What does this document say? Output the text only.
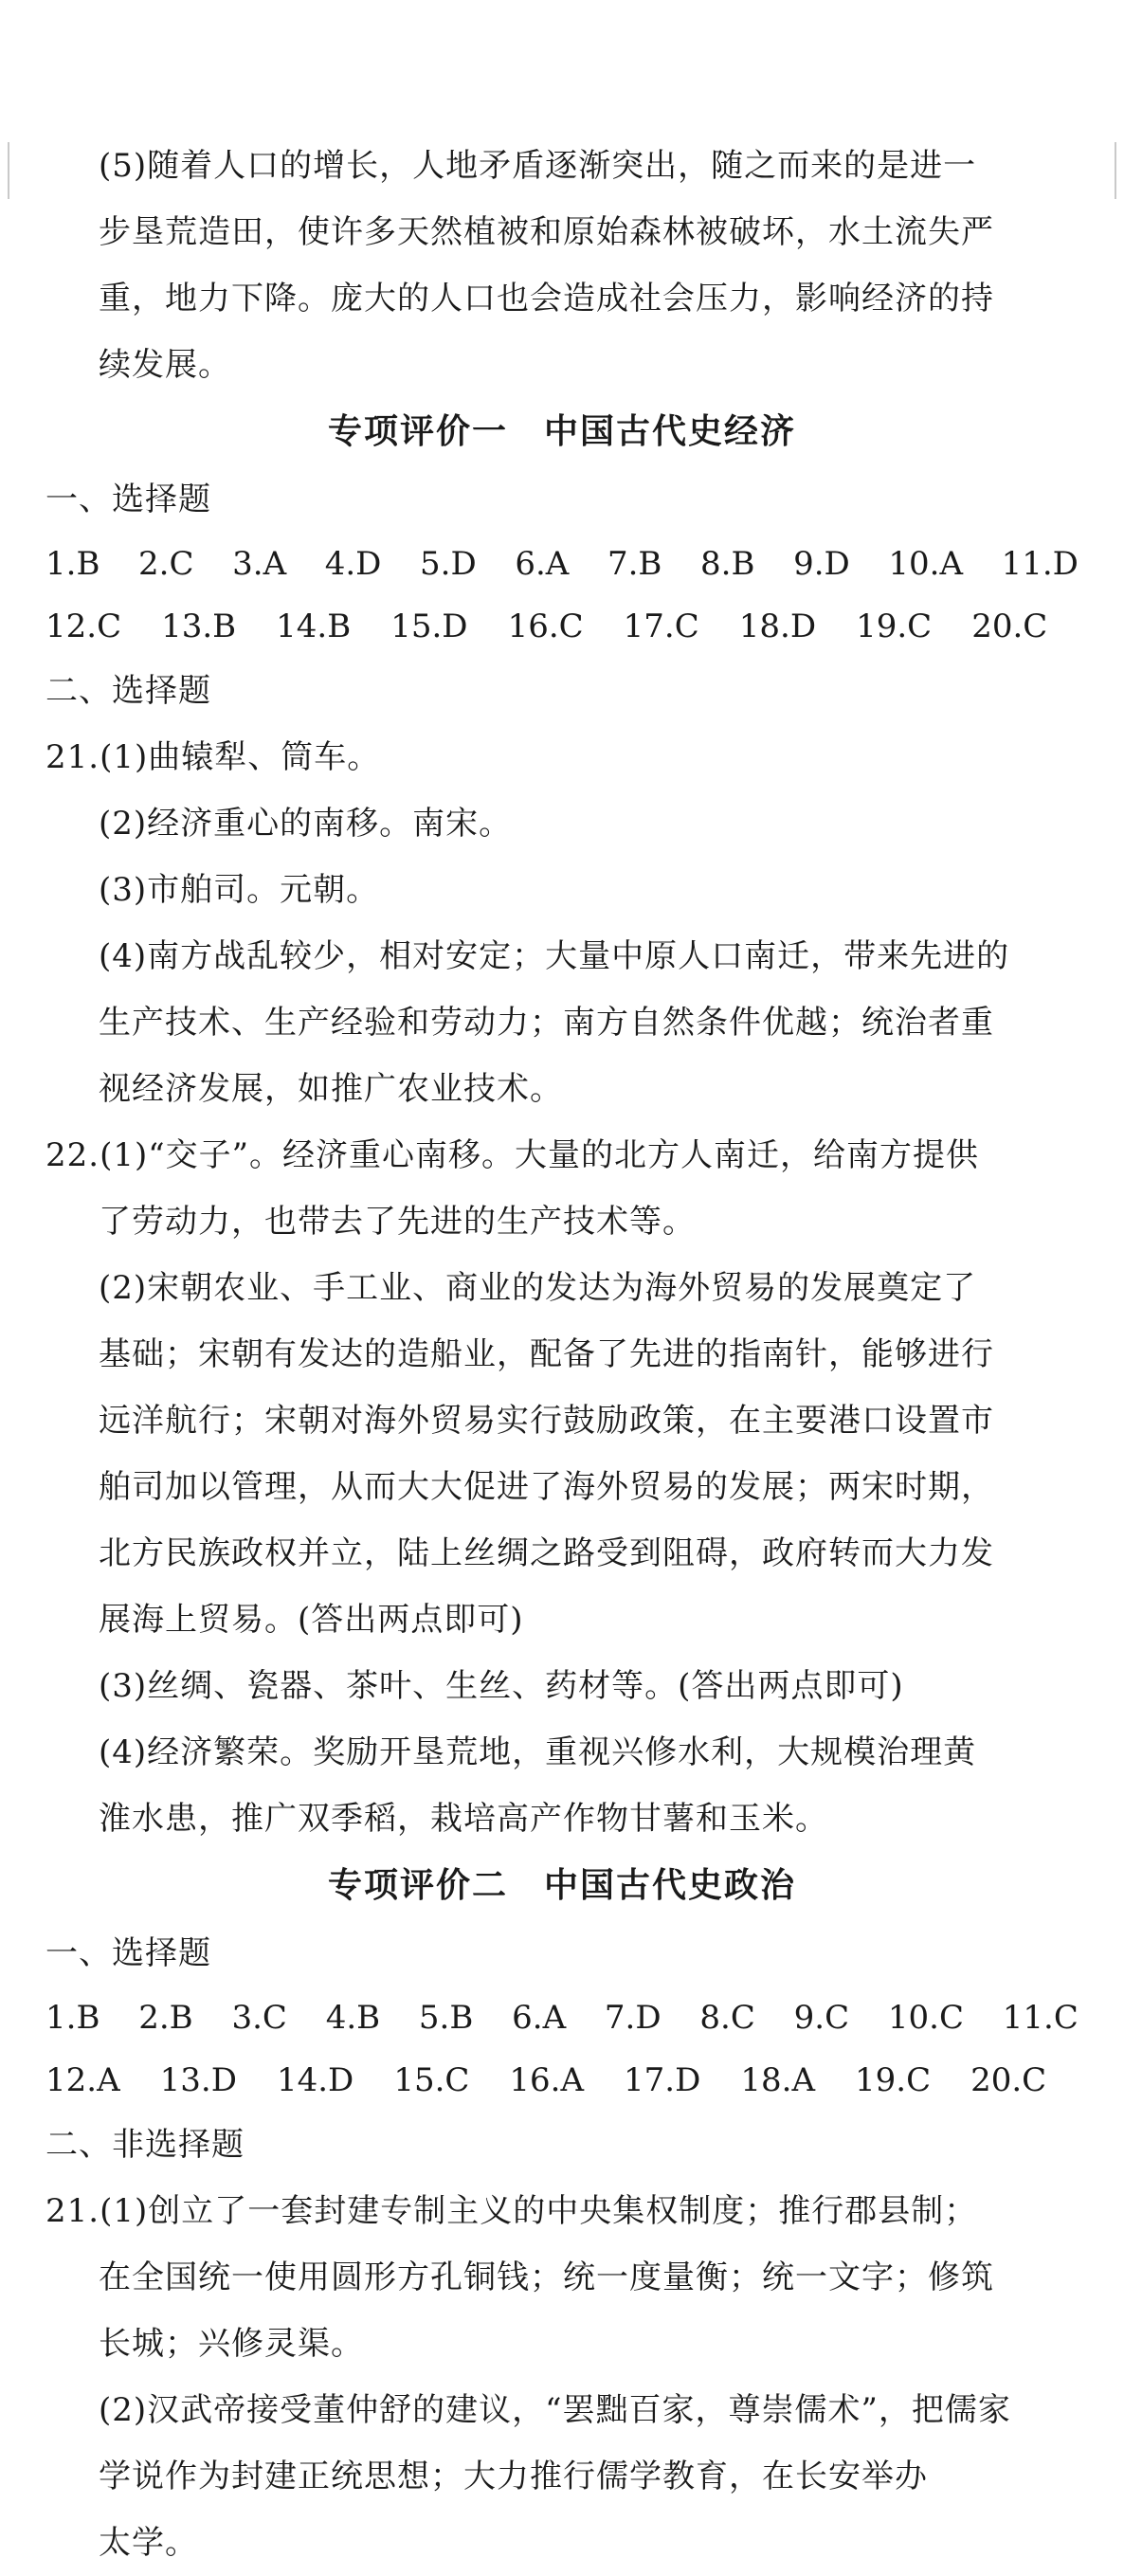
(5)随着人口的增长，人地矛盾逐渐突出，随之而来的是进一

步垦荒造田，使许多天然植被和原始森林被破坏，水土流失严

重，地力下降。庞大的人口也会造成社会压力，影响经济的持

续发展。

专项评价一　中国古代史经济

一、选择题

1.B 2.C 3.A 4.D 5.D 6.A 7.B 8.B 9.D 10.A 11.D
12.C 13.B 14.B 15.D 16.C 17.C 18.D 19.C 20.C

二、选择题

21.(1)曲辕犁、筒车。

(2)经济重心的南移。南宋。

(3)市舶司。元朝。

(4)南方战乱较少，相对安定；大量中原人口南迁，带来先进的

生产技术、生产经验和劳动力；南方自然条件优越；统治者重

视经济发展，如推广农业技术。

22.(1)“交子”。经济重心南移。大量的北方人南迁，给南方提供

了劳动力，也带去了先进的生产技术等。

(2)宋朝农业、手工业、商业的发达为海外贸易的发展奠定了

基础；宋朝有发达的造船业，配备了先进的指南针，能够进行

远洋航行；宋朝对海外贸易实行鼓励政策，在主要港口设置市

舶司加以管理，从而大大促进了海外贸易的发展；两宋时期，

北方民族政权并立，陆上丝绸之路受到阻碍，政府转而大力发

展海上贸易。(答出两点即可)

(3)丝绸、瓷器、茶叶、生丝、药材等。(答出两点即可)

(4)经济繁荣。奖励开垦荒地，重视兴修水利，大规模治理黄

淮水患，推广双季稻，栽培高产作物甘薯和玉米。

专项评价二　中国古代史政治

一、选择题

1.B 2.B 3.C 4.B 5.B 6.A 7.D 8.C 9.C 10.C 11.C
12.A 13.D 14.D 15.C 16.A 17.D 18.A 19.C 20.C

二、非选择题

21.(1)创立了一套封建专制主义的中央集权制度；推行郡县制；

在全国统一使用圆形方孔铜钱；统一度量衡；统一文字；修筑

长城；兴修灵渠。

(2)汉武帝接受董仲舒的建议，“罢黜百家，尊崇儒术”，把儒家

学说作为封建正统思想；大力推行儒学教育，在长安举办

太学。
